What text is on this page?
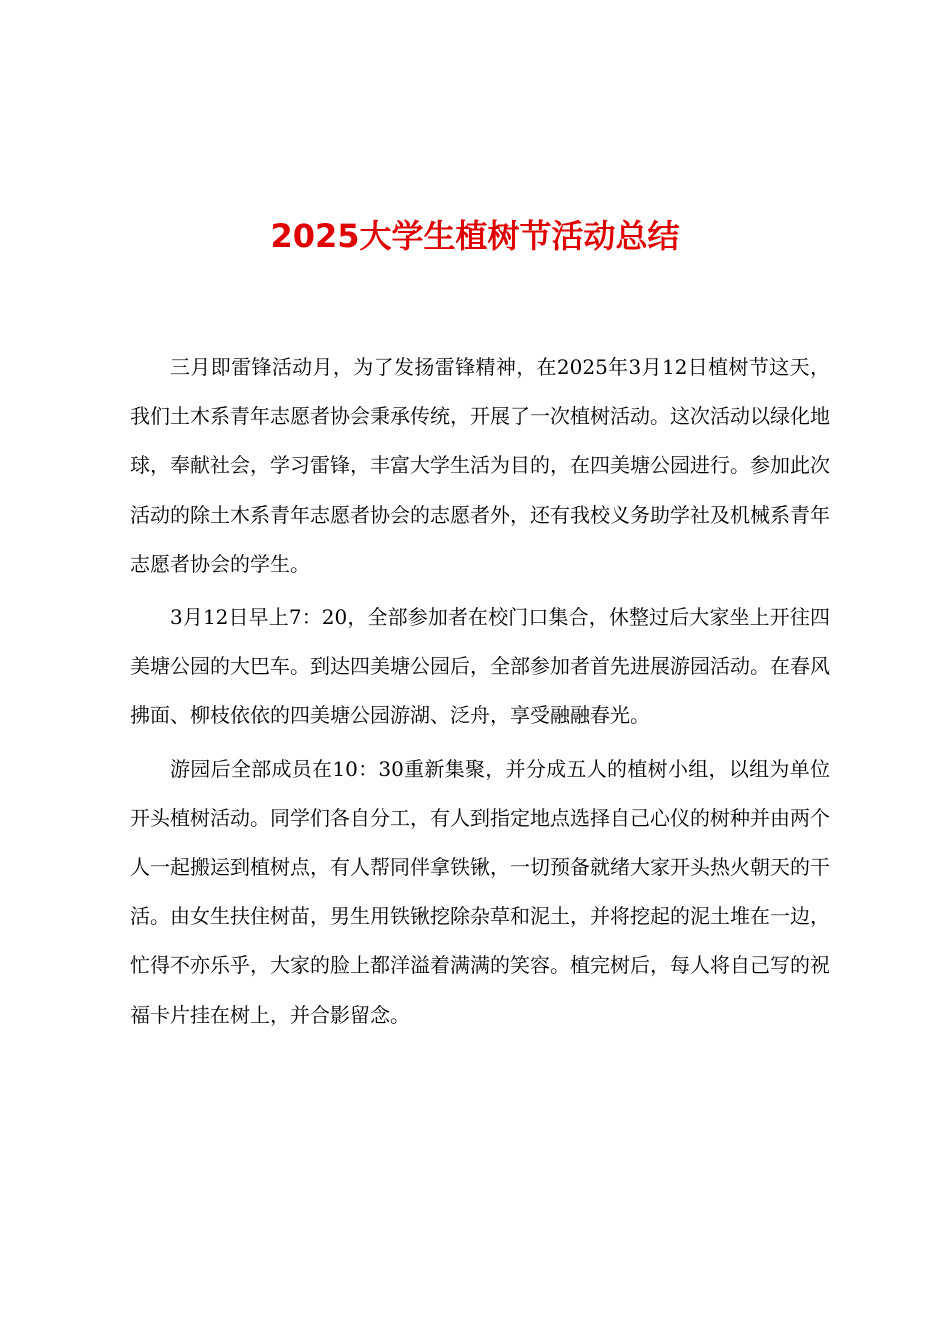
2025大学生植树节活动总结

三月即雷锋活动月，为了发扬雷锋精神，在2025年3月12日植树节这天，我们土木系青年志愿者协会秉承传统，开展了一次植树活动。这次活动以绿化地球，奉献社会，学习雷锋，丰富大学生活为目的，在四美塘公园进行。参加此次活动的除土木系青年志愿者协会的志愿者外，还有我校义务助学社及机械系青年志愿者协会的学生。

3月12日早上7：20，全部参加者在校门口集合，休整过后大家坐上开往四美塘公园的大巴车。到达四美塘公园后，全部参加者首先进展游园活动。在春风拂面、柳枝依依的四美塘公园游湖、泛舟，享受融融春光。

游园后全部成员在10：30重新集聚，并分成五人的植树小组，以组为单位开头植树活动。同学们各自分工，有人到指定地点选择自己心仪的树种并由两个人一起搬运到植树点，有人帮同伴拿铁锹，一切预备就绪大家开头热火朝天的干活。由女生扶住树苗，男生用铁锹挖除杂草和泥土，并将挖起的泥土堆在一边，忙得不亦乐乎，大家的脸上都洋溢着满满的笑容。植完树后，每人将自己写的祝福卡片挂在树上，并合影留念。
